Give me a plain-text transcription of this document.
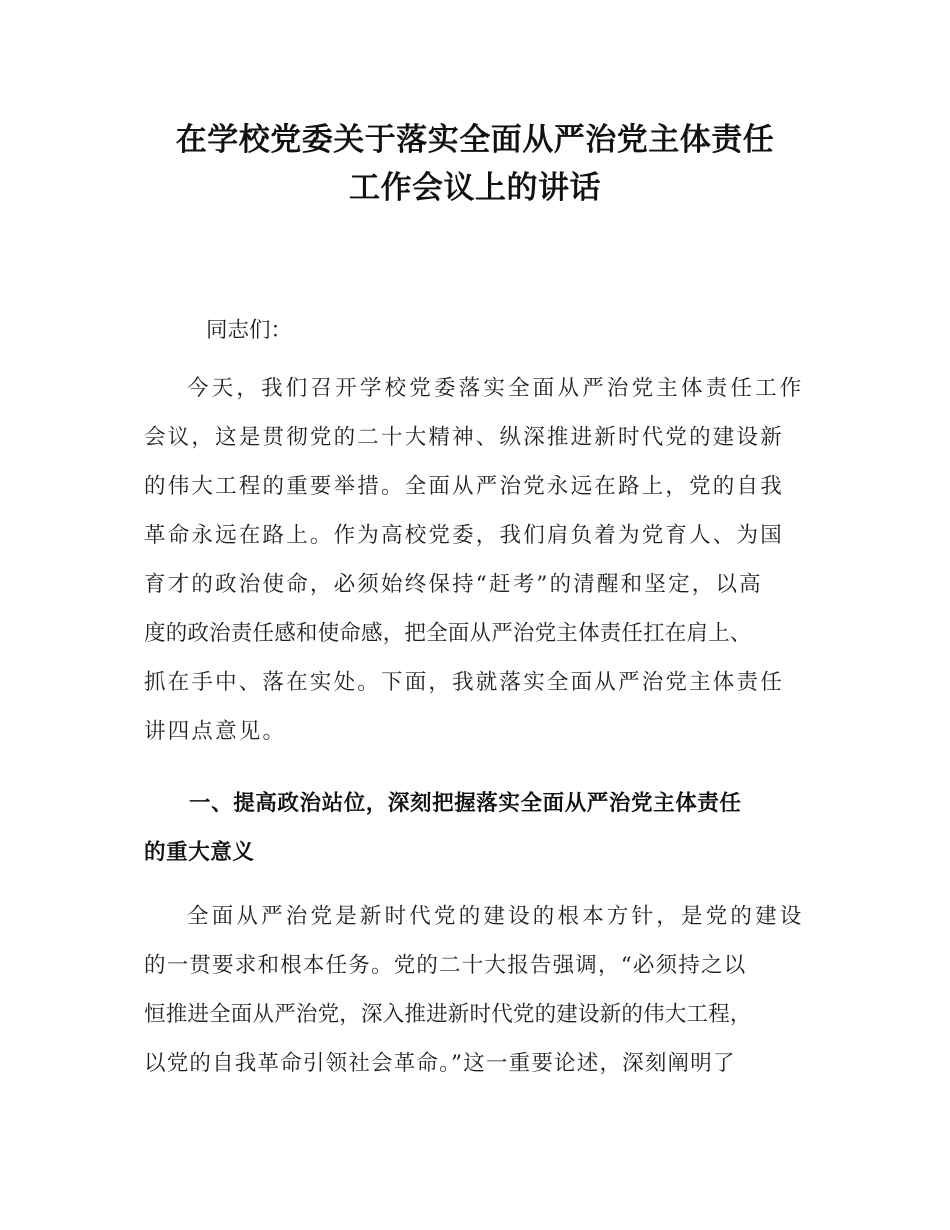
在学校党委关于落实全面从严治党主体责任
工作会议上的讲话
同志们：
今天，我们召开学校党委落实全面从严治党主体责任工作
会议，这是贯彻党的二十大精神、纵深推进新时代党的建设新
的伟大工程的重要举措。全面从严治党永远在路上，党的自我
革命永远在路上。作为高校党委，我们肩负着为党育人、为国
育才的政治使命，必须始终保持“赶考”的清醒和坚定，以高
度的政治责任感和使命感，把全面从严治党主体责任扛在肩上、
抓在手中、落在实处。下面，我就落实全面从严治党主体责任
讲四点意见。
一、提高政治站位，深刻把握落实全面从严治党主体责任
的重大意义
全面从严治党是新时代党的建设的根本方针，是党的建设
的一贯要求和根本任务。党的二十大报告强调，“必须持之以
恒推进全面从严治党，深入推进新时代党的建设新的伟大工程，
以党的自我革命引领社会革命。”这一重要论述，深刻阐明了
